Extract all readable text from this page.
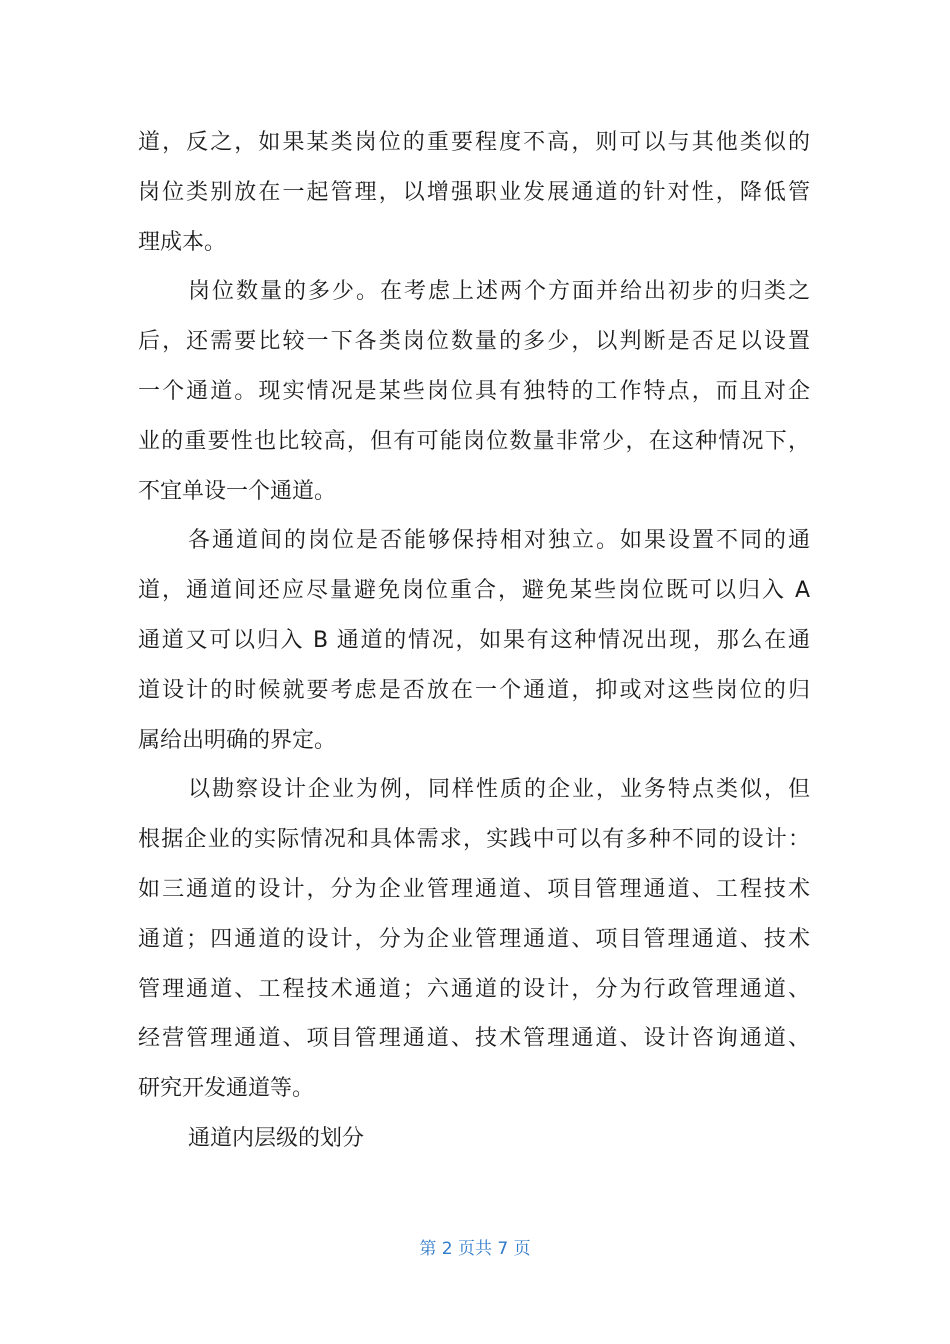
道，反之，如果某类岗位的重要程度不高，则可以与其他类似的
岗位类别放在一起管理，以增强职业发展通道的针对性，降低管
理成本。
岗位数量的多少。在考虑上述两个方面并给出初步的归类之
后，还需要比较一下各类岗位数量的多少，以判断是否足以设置
一个通道。现实情况是某些岗位具有独特的工作特点，而且对企
业的重要性也比较高，但有可能岗位数量非常少，在这种情况下，
不宜单设一个通道。
各通道间的岗位是否能够保持相对独立。如果设置不同的通
道，通道间还应尽量避免岗位重合，避免某些岗位既可以归入 A
通道又可以归入 B 通道的情况，如果有这种情况出现，那么在通
道设计的时候就要考虑是否放在一个通道，抑或对这些岗位的归
属给出明确的界定。
以勘察设计企业为例，同样性质的企业，业务特点类似，但
根据企业的实际情况和具体需求，实践中可以有多种不同的设计：
如三通道的设计，分为企业管理通道、项目管理通道、工程技术
通道；四通道的设计，分为企业管理通道、项目管理通道、技术
管理通道、工程技术通道；六通道的设计，分为行政管理通道、
经营管理通道、项目管理通道、技术管理通道、设计咨询通道、
研究开发通道等。
通道内层级的划分
第 2 页共 7 页
